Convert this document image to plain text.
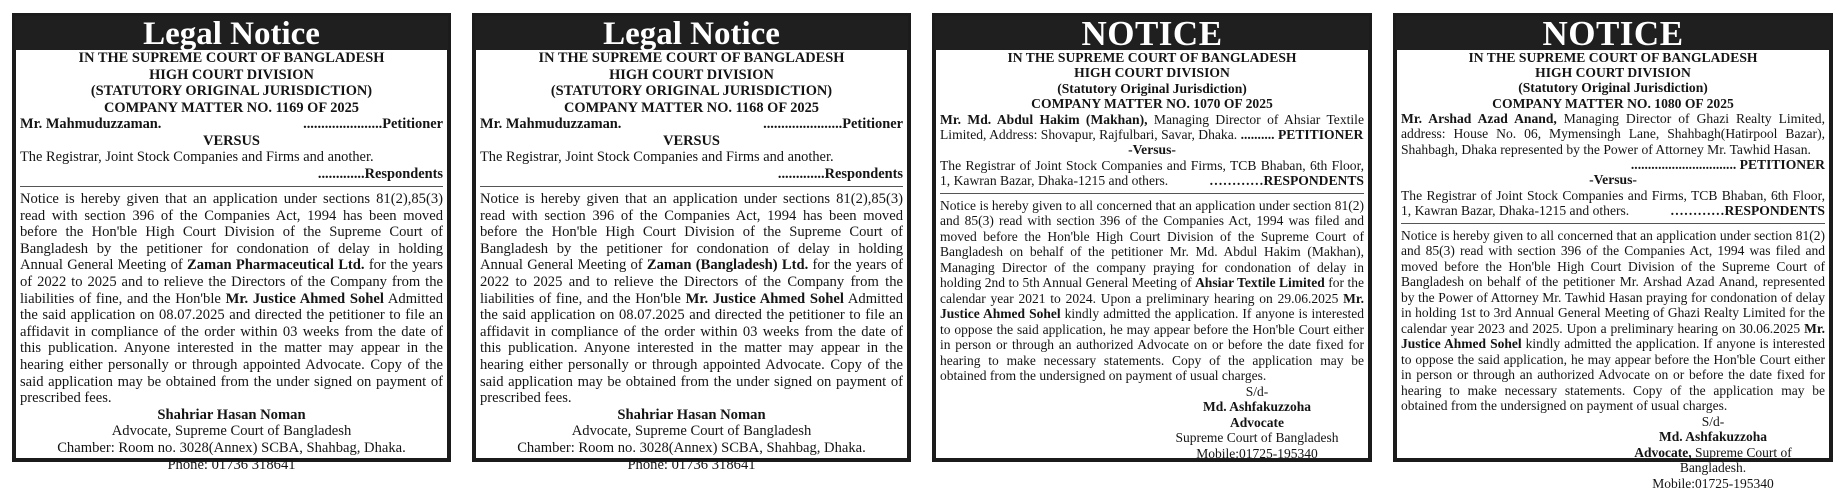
Legal Notice
IN THE SUPREME COURT OF BANGLADESH
HIGH COURT DIVISION
(STATUTORY ORIGINAL JURISDICTION)
COMPANY MATTER NO. 1169 OF 2025
Mr. Mahmuduzzaman.	......................Petitioner
VERSUS
The Registrar, Joint Stock Companies and Firms and another.
.............Respondents

Notice is hereby given that an application under sections 81(2),85(3) read with section 396 of the Companies Act, 1994 has been moved before the Hon'ble High Court Division of the Supreme Court of Bangladesh by the petitioner for condonation of delay in holding Annual General Meeting of Zaman Pharmaceutical Ltd. for the years of 2022 to 2025 and to relieve the Directors of the Company from the liabilities of fine, and the Hon'ble Mr. Justice Ahmed Sohel Admitted the said application on 08.07.2025 and directed the petitioner to file an affidavit in compliance of the order within 03 weeks from the date of this publication. Anyone interested in the matter may appear in the hearing either personally or through appointed Advocate. Copy of the said application may be obtained from the under signed on payment of prescribed fees.

Shahriar Hasan Noman
Advocate, Supreme Court of Bangladesh
Chamber: Room no. 3028(Annex) SCBA, Shahbag, Dhaka.
Phone: 01736 318641
Legal Notice
IN THE SUPREME COURT OF BANGLADESH
HIGH COURT DIVISION
(STATUTORY ORIGINAL JURISDICTION)
COMPANY MATTER NO. 1168 OF 2025
Mr. Mahmuduzzaman.	......................Petitioner
VERSUS
The Registrar, Joint Stock Companies and Firms and another.
.............Respondents

Notice is hereby given that an application under sections 81(2),85(3) read with section 396 of the Companies Act, 1994 has been moved before the Hon'ble High Court Division of the Supreme Court of Bangladesh by the petitioner for condonation of delay in holding Annual General Meeting of Zaman (Bangladesh) Ltd. for the years of 2022 to 2025 and to relieve the Directors of the Company from the liabilities of fine, and the Hon'ble Mr. Justice Ahmed Sohel Admitted the said application on 08.07.2025 and directed the petitioner to file an affidavit in compliance of the order within 03 weeks from the date of this publication. Anyone interested in the matter may appear in the hearing either personally or through appointed Advocate. Copy of the said application may be obtained from the under signed on payment of prescribed fees.

Shahriar Hasan Noman
Advocate, Supreme Court of Bangladesh
Chamber: Room no. 3028(Annex) SCBA, Shahbag, Dhaka.
Phone: 01736 318641
NOTICE
IN THE SUPREME COURT OF BANGLADESH
HIGH COURT DIVISION
(Statutory Original Jurisdiction)
COMPANY MATTER NO. 1070 OF 2025

Mr. Md. Abdul Hakim (Makhan), Managing Director of Ahsiar Textile Limited, Address: Shovapur, Rajfulbari, Savar, Dhaka. .......... PETITIONER

-Versus-

The Registrar of Joint Stock Companies and Firms, TCB Bhaban, 6th Floor, 1, Kawran Bazar, Dhaka-1215 and others.	…………RESPONDENTS

Notice is hereby given to all concerned that an application under section 81(2) and 85(3) read with section 396 of the Companies Act, 1994 was filed and moved before the Hon'ble High Court Division of the Supreme Court of Bangladesh on behalf of the petitioner Mr. Md. Abdul Hakim (Makhan), Managing Director of the company praying for condonation of delay in holding 2nd to 5th Annual General Meeting of Ahsiar Textile Limited for the calendar year 2021 to 2024. Upon a preliminary hearing on 29.06.2025 Mr. Justice Ahmed Sohel kindly admitted the application. If anyone is interested to oppose the said application, he may appear before the Hon'ble Court either in person or through an authorized Advocate on or before the date fixed for hearing to make necessary statements. Copy of the application may be obtained from the undersigned on payment of usual charges.

S/d-
Md. Ashfakuzzoha
Advocate
Supreme Court of Bangladesh
Mobile:01725-195340
NOTICE
IN THE SUPREME COURT OF BANGLADESH
HIGH COURT DIVISION
(Statutory Original Jurisdiction)
COMPANY MATTER NO. 1080 OF 2025

Mr. Arshad Azad Anand, Managing Director of Ghazi Realty Limited, address: House No. 06, Mymensingh Lane, Shahbagh(Hatirpool Bazar), Shahbagh, Dhaka represented by the Power of Attorney Mr. Tawhid Hasan.

............................... PETITIONER
-Versus-

The Registrar of Joint Stock Companies and Firms, TCB Bhaban, 6th Floor, 1, Kawran Bazar, Dhaka-1215 and others.	…………RESPONDENTS

Notice is hereby given to all concerned that an application under section 81(2) and 85(3) read with section 396 of the Companies Act, 1994 was filed and moved before the Hon'ble High Court Division of the Supreme Court of Bangladesh on behalf of the petitioner Mr. Arshad Azad Anand, represented by the Power of Attorney Mr. Tawhid Hasan praying for condonation of delay in holding 1st to 3rd Annual General Meeting of Ghazi Realty Limited for the calendar year 2023 and 2025. Upon a preliminary hearing on 30.06.2025 Mr. Justice Ahmed Sohel kindly admitted the application. If anyone is interested to oppose the said application, he may appear before the Hon'ble Court either in person or through an authorized Advocate on or before the date fixed for hearing to make necessary statements. Copy of the application may be obtained from the undersigned on payment of usual charges.

S/d-
Md. Ashfakuzzoha
Advocate, Supreme Court of Bangladesh.
Mobile:01725-195340
